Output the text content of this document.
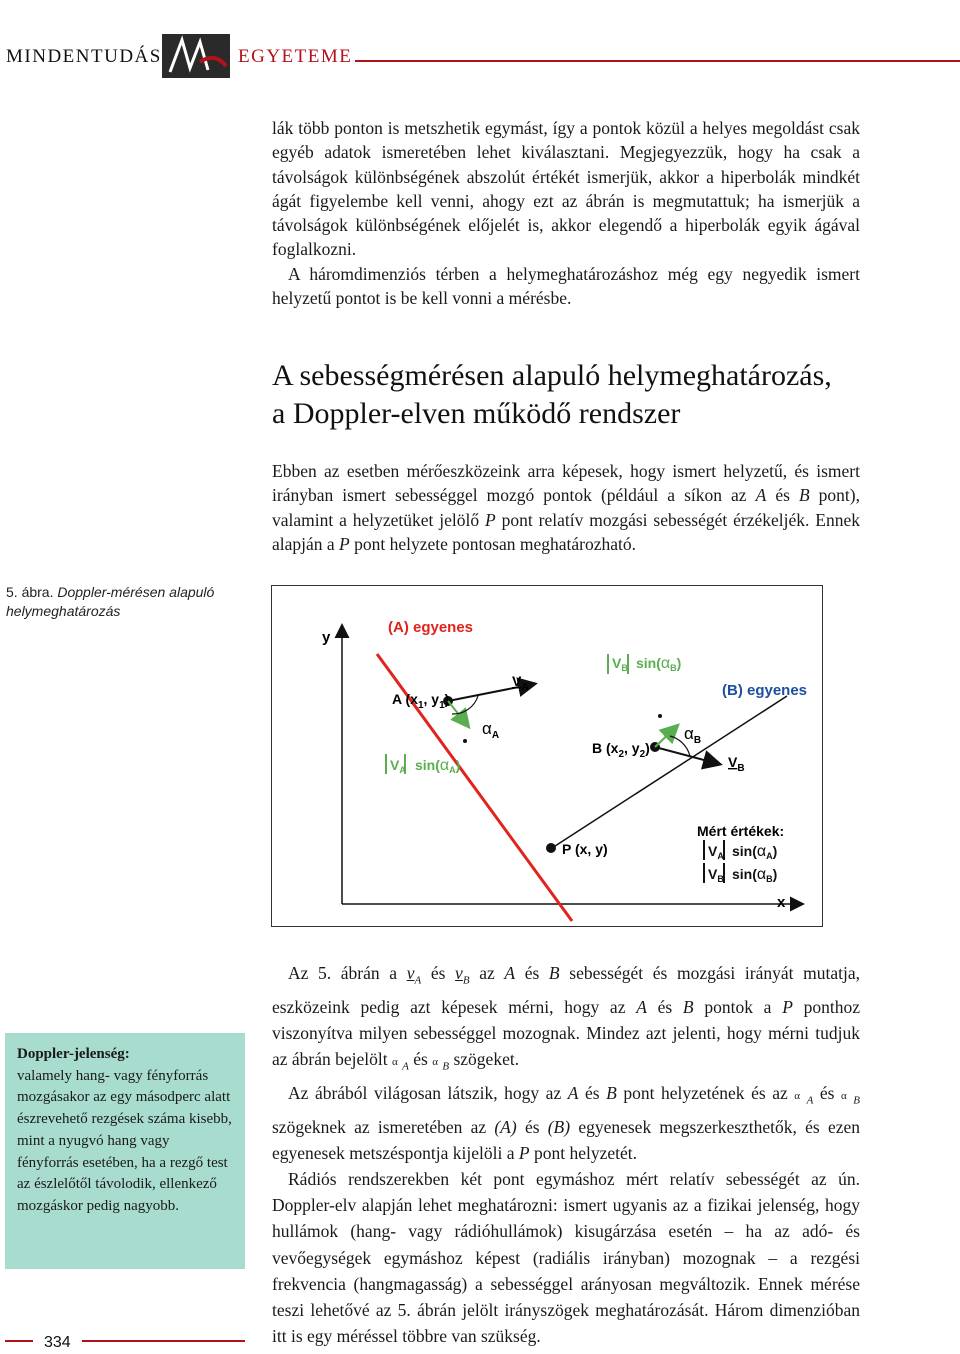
MINDENTUDÁS	EGYETEME

lák több ponton is metszhetik egymást, így a pontok közül a helyes megoldást csak egyéb adatok ismeretében lehet kiválasztani. Megjegyezzük, hogy ha csak a távolságok különbségének abszolút értékét ismerjük, akkor a hiperbolák mindkét ágát figyelembe kell venni, ahogy ezt az ábrán is megmutattuk; ha ismerjük a távolságok különbségének előjelét is, akkor elegendő a hiperbolák egyik ágával foglalkozni.

A háromdimenziós térben a helymeghatározáshoz még egy negyedik ismert helyzetű pontot is be kell vonni a mérésbe.

A sebességmérésen alapuló helymeghatározás,
a Doppler-elven működő rendszer

Ebben az esetben mérőeszközeink arra képesek, hogy ismert helyzetű, és ismert irányban ismert sebességgel mozgó pontok (például a síkon az A és B pont), valamint a helyzetüket jelölő P pont relatív mozgási sebességét érzékeljék. Ennek alapján a P pont helyzete pontosan meghatározható.

5. ábra. Doppler-mérésen alapuló helymeghatározás
y
x
(A) egyenes
(B) egyenes
A ($x_1$, $y_1$)
$V_A$
$\alpha_A$
$V_A$ $\sin(\alpha_A)$
B ($x_2$, $y_2$)
$V_B$
$\alpha_B$
$V_B$ $\sin(\alpha_B)$
P (x, y)
Mért értékek:
$V_A$ $\sin(\alpha_A)$
$V_B$ $\sin(\alpha_B)$

Az 5. ábrán a $v_A$ és $v_B$ az A és B sebességét és mozgási irányát mutatja, eszközeink pedig azt képesek mérni, hogy az A és B pontok a P ponthoz viszonyítva milyen sebességgel mozognak. Mindez azt jelenti, hogy mérni tudjuk az ábrán bejelölt α $_A$ és α $_B$ szögeket.

Az ábrából világosan látszik, hogy az A és B pont helyzetének és az α $_A$ és α $_B$ szögeknek az ismeretében az (A) és (B) egyenesek megszerkeszthetők, és ezen egyenesek metszéspontja kijelöli a P pont helyzetét.

Rádiós rendszerekben két pont egymáshoz mért relatív sebességét az ún. Doppler-elv alapján lehet meghatározni: ismert ugyanis az a fizikai jelenség, hogy hullámok (hang- vagy rádióhullámok) kisugárzása esetén – ha az adó- és vevőegységek egymáshoz képest (radiális irányban) mozognak – a rezgési frekvencia (hangmagasság) a sebességgel arányosan megváltozik. Ennek mérése teszi lehetővé az 5. ábrán jelölt irányszögek meghatározását. Három dimenzióban itt is egy méréssel többre van szükség.

Doppler-jelenség:
valamely hang- vagy fényforrás mozgásakor az egy másodperc alatt észrevehető rezgések száma kisebb, mint a nyugvó hang vagy fényforrás esetében, ha a rezgő test az észlelőtől távolodik, ellenkező mozgáskor pedig nagyobb.
334
